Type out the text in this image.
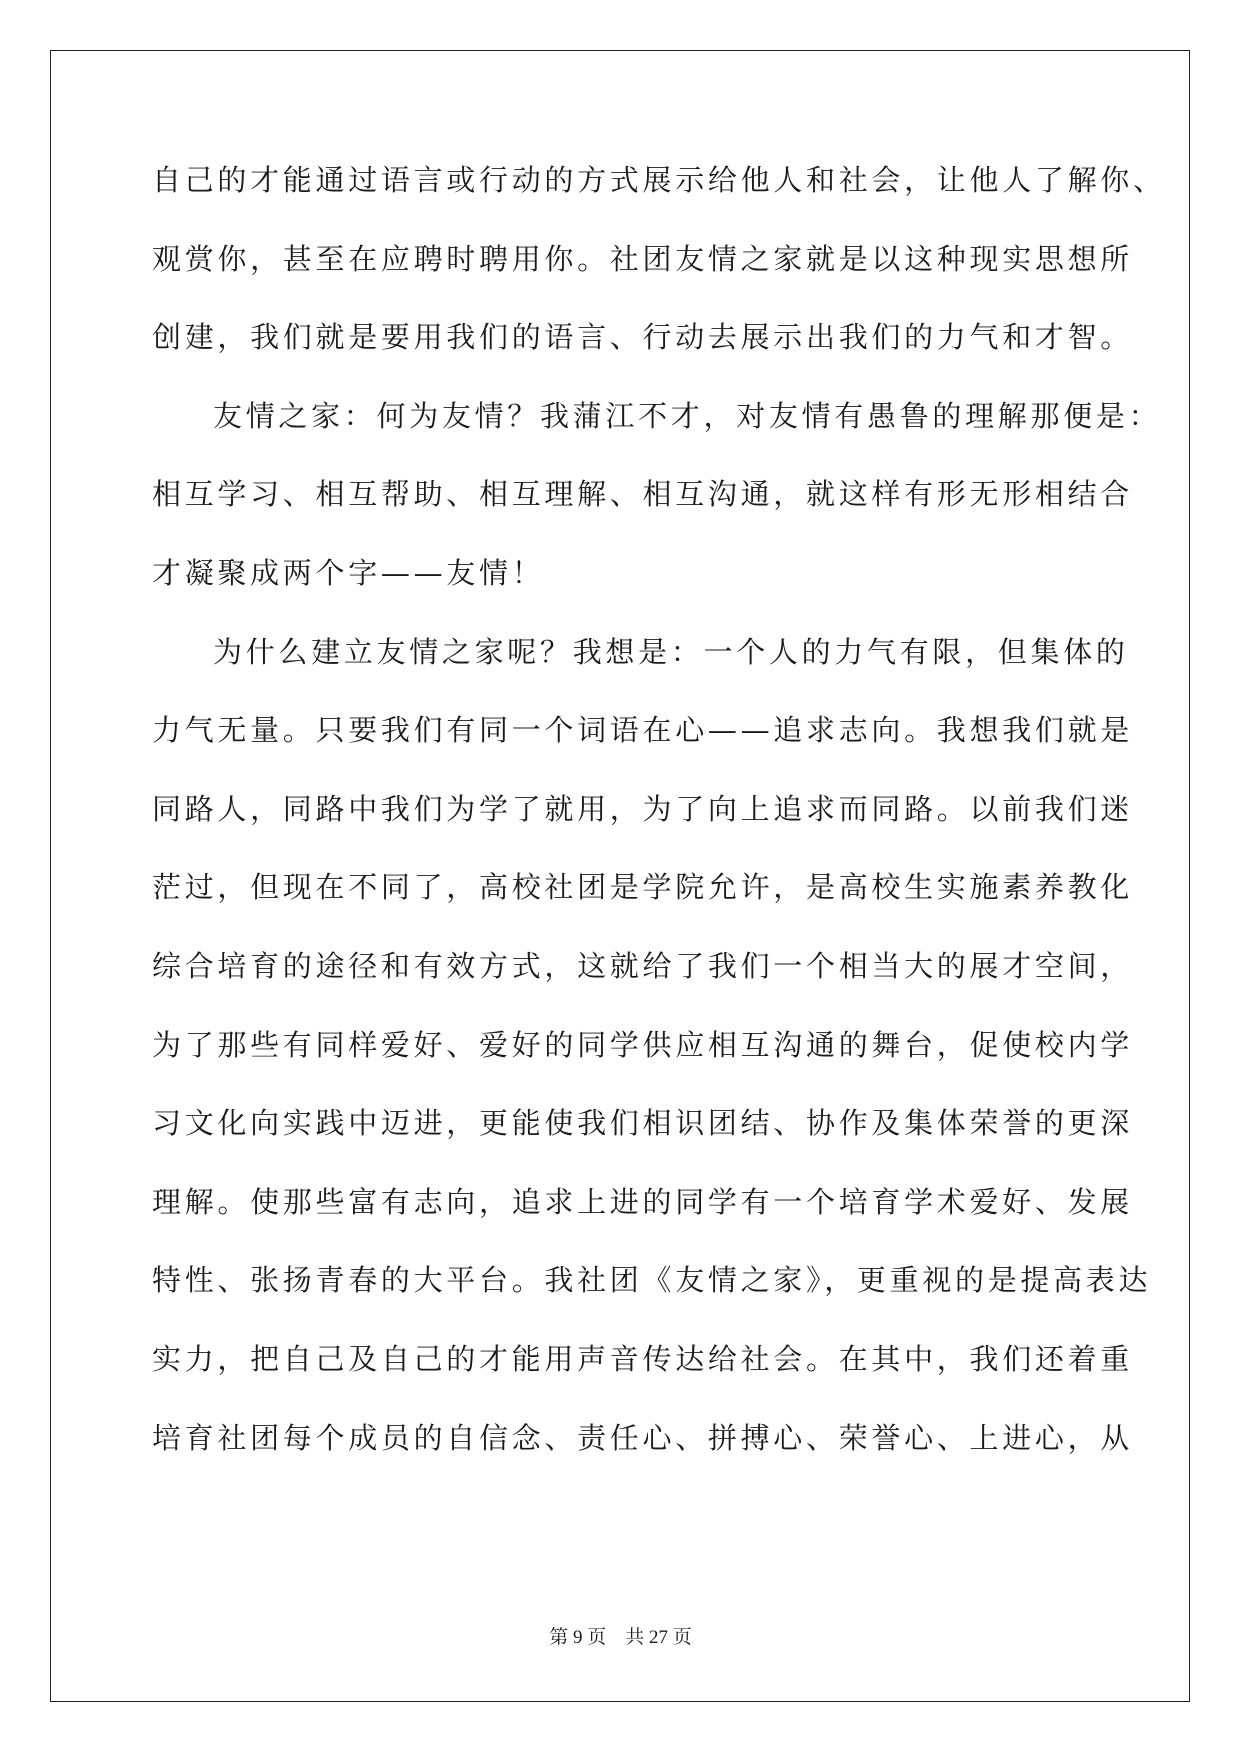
自己的才能通过语言或行动的方式展示给他人和社会，让他人了解你、
观赏你，甚至在应聘时聘用你。社团友情之家就是以这种现实思想所
创建，我们就是要用我们的语言、行动去展示出我们的力气和才智。
友情之家：何为友情？我蒲江不才，对友情有愚鲁的理解那便是：
相互学习、相互帮助、相互理解、相互沟通，就这样有形无形相结合
才凝聚成两个字——友情！
为什么建立友情之家呢？我想是：一个人的力气有限，但集体的
力气无量。只要我们有同一个词语在心——追求志向。我想我们就是
同路人，同路中我们为学了就用，为了向上追求而同路。以前我们迷
茫过，但现在不同了，高校社团是学院允许，是高校生实施素养教化
综合培育的途径和有效方式，这就给了我们一个相当大的展才空间，
为了那些有同样爱好、爱好的同学供应相互沟通的舞台，促使校内学
习文化向实践中迈进，更能使我们相识团结、协作及集体荣誉的更深
理解。使那些富有志向，追求上进的同学有一个培育学术爱好、发展
特性、张扬青春的大平台。我社团《友情之家》，更重视的是提高表达
实力，把自己及自己的才能用声音传达给社会。在其中，我们还着重
培育社团每个成员的自信念、责任心、拼搏心、荣誉心、上进心，从
第 9 页　共 27 页
